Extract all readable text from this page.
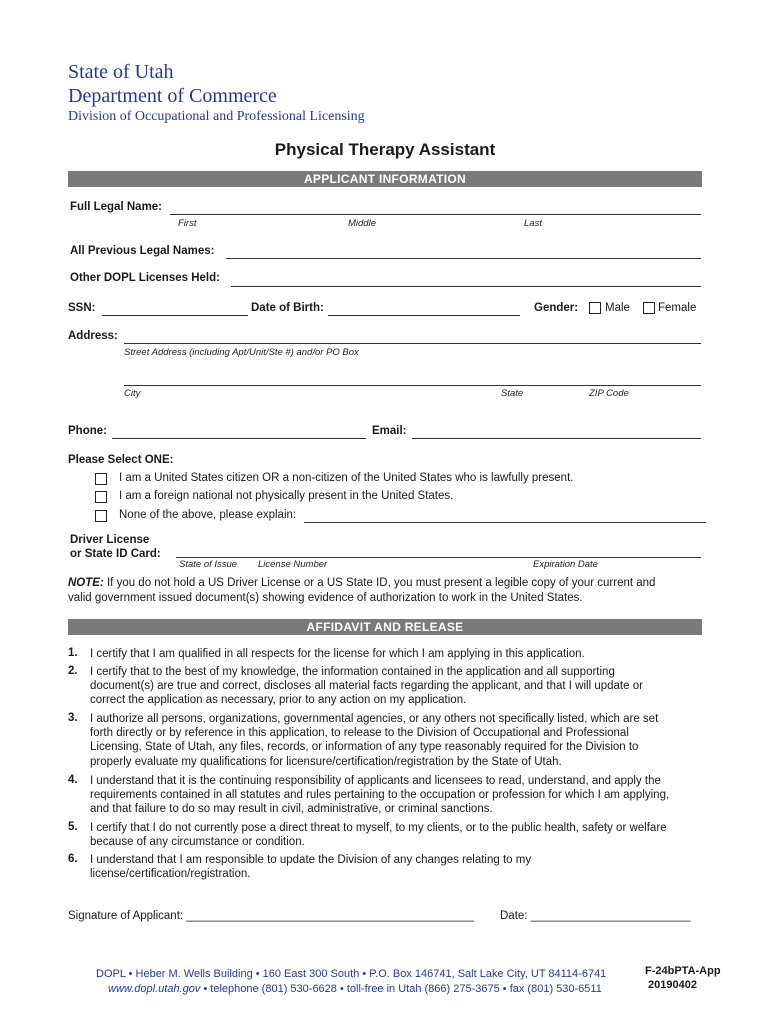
State of Utah
Department of Commerce
Division of Occupational and Professional Licensing
Physical Therapy Assistant
APPLICANT INFORMATION
Full Legal Name:
First	Middle	Last
All Previous Legal Names:
Other DOPL Licenses Held:
SSN:	Date of Birth:	Gender: Male Female
Address:
Street Address (including Apt/Unit/Ste #) and/or PO Box
City	State	ZIP Code
Phone:	Email:
Please Select ONE:
I am a United States citizen OR a non-citizen of the United States who is lawfully present.
I am a foreign national not physically present in the United States.
None of the above, please explain:
Driver License
or State ID Card:
State of Issue License Number	Expiration Date
NOTE: If you do not hold a US Driver License or a US State ID, you must present a legible copy of your current and
valid government issued document(s) showing evidence of authorization to work in the United States.
AFFIDAVIT AND RELEASE
1. I certify that I am qualified in all respects for the license for which I am applying in this application.
2. I certify that to the best of my knowledge, the information contained in the application and all supporting
document(s) are true and correct, discloses all material facts regarding the applicant, and that I will update or
correct the application as necessary, prior to any action on my application.
3. I authorize all persons, organizations, governmental agencies, or any others not specifically listed, which are set
forth directly or by reference in this application, to release to the Division of Occupational and Professional
Licensing, State of Utah, any files, records, or information of any type reasonably required for the Division to
properly evaluate my qualifications for licensure/certification/registration by the State of Utah.
4. I understand that it is the continuing responsibility of applicants and licensees to read, understand, and apply the
requirements contained in all statutes and rules pertaining to the occupation or profession for which I am applying,
and that failure to do so may result in civil, administrative, or criminal sanctions.
5. I certify that I do not currently pose a direct threat to myself, to my clients, or to the public health, safety or welfare
because of any circumstance or condition.
6. I understand that I am responsible to update the Division of any changes relating to my
license/certification/registration.
Signature of Applicant: _____________________________________________ Date: _________________________
DOPL • Heber M. Wells Building • 160 East 300 South • P.O. Box 146741, Salt Lake City, UT 84114-6741
www.dopl.utah.gov • telephone (801) 530-6628 • toll-free in Utah (866) 275-3675 • fax (801) 530-6511
F-24bPTA-App
20190402
